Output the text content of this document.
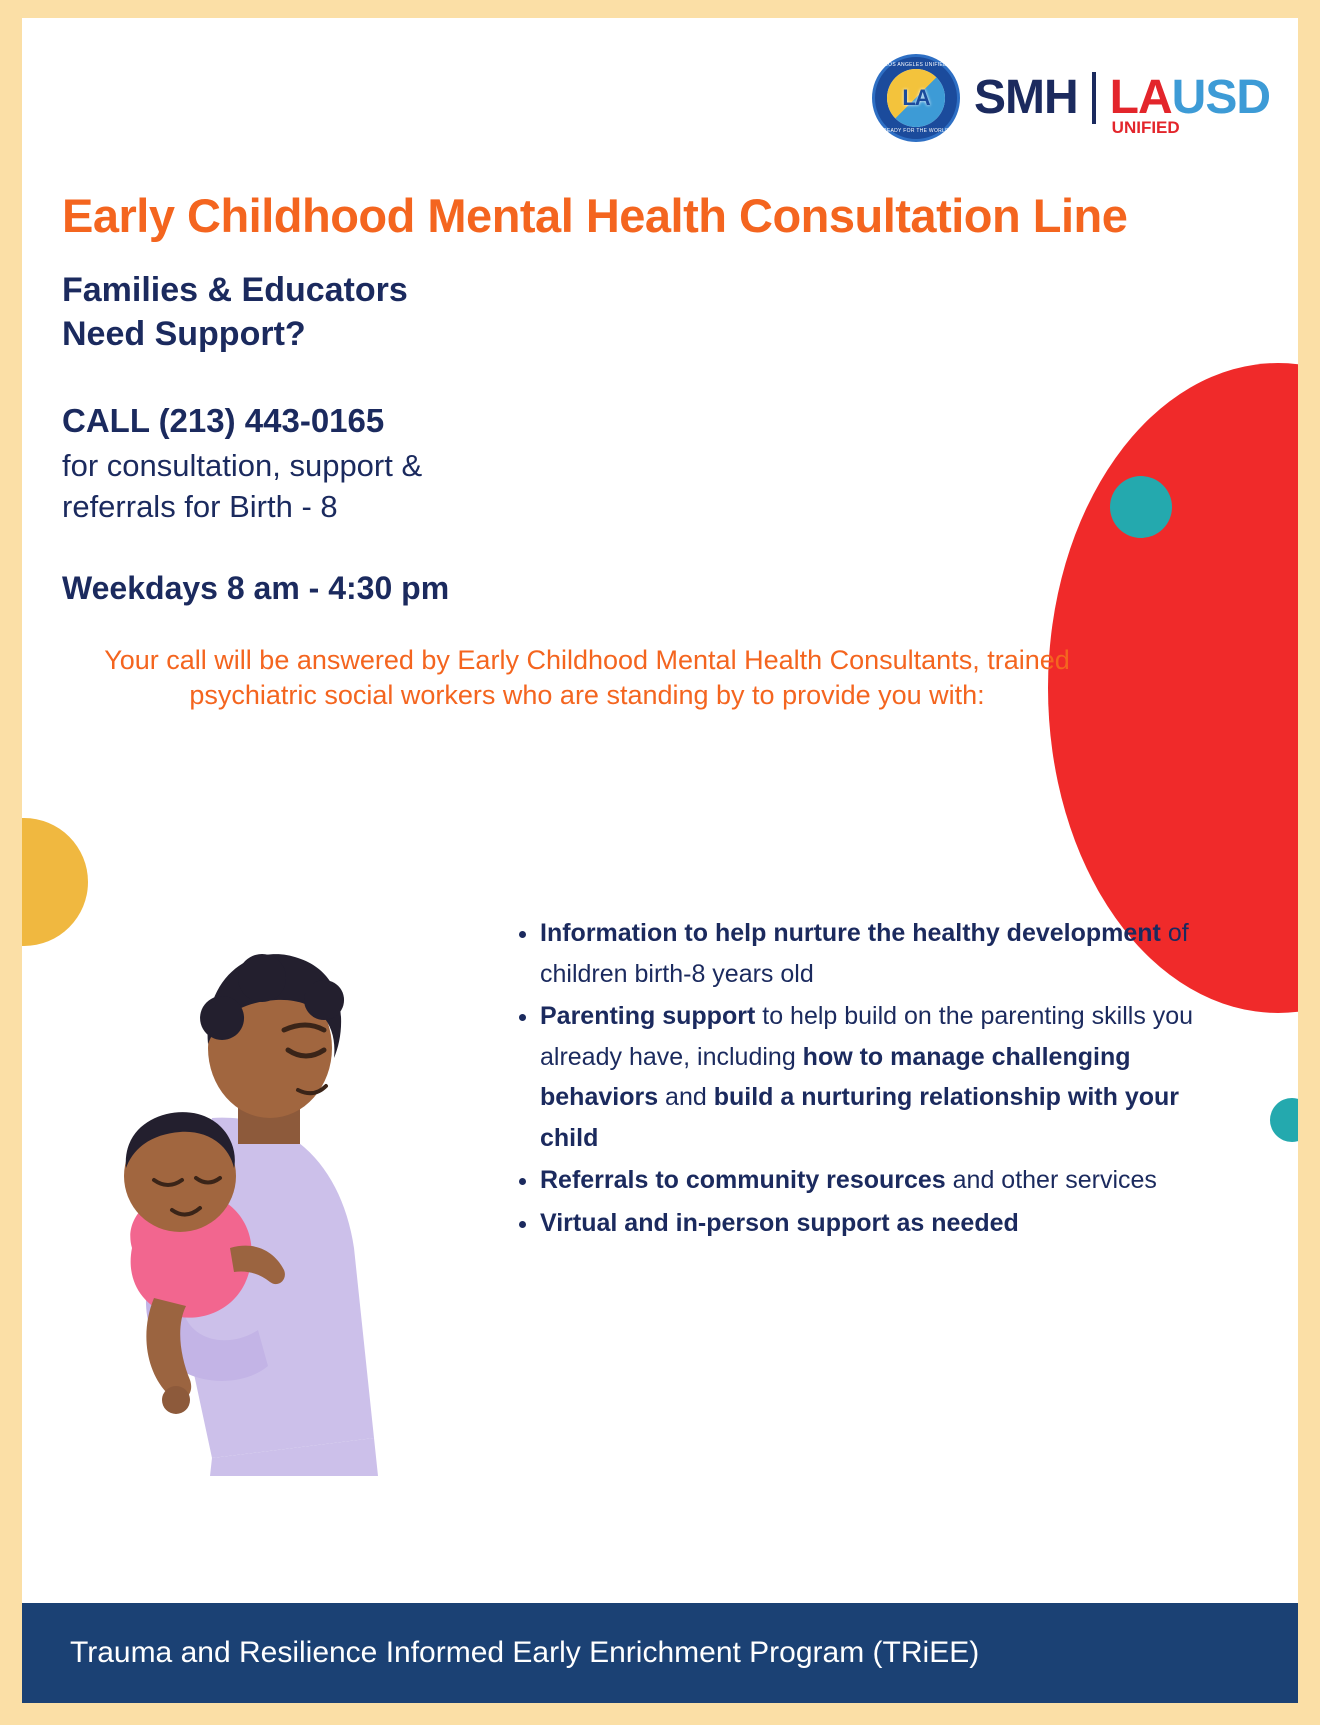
LOS ANGELES UNIFIED
LA
READY FOR THE WORLD
SMH LAUSD
UNIFIED
Early Childhood Mental Health Consultation Line
Families & Educators
Need Support?
CALL (213) 443-0165
for consultation, support &
referrals for Birth - 8
Weekdays 8 am - 4:30 pm
Your call will be answered by Early Childhood Mental Health Consultants, trained psychiatric social workers who are standing by to provide you with:
• Information to help nurture the healthy development of children birth-8 years old
• Parenting support to help build on the parenting skills you already have, including how to manage challenging behaviors and build a nurturing relationship with your child
• Referrals to community resources and other services
• Virtual and in-person support as needed
Trauma and Resilience Informed Early Enrichment Program (TRiEE)
